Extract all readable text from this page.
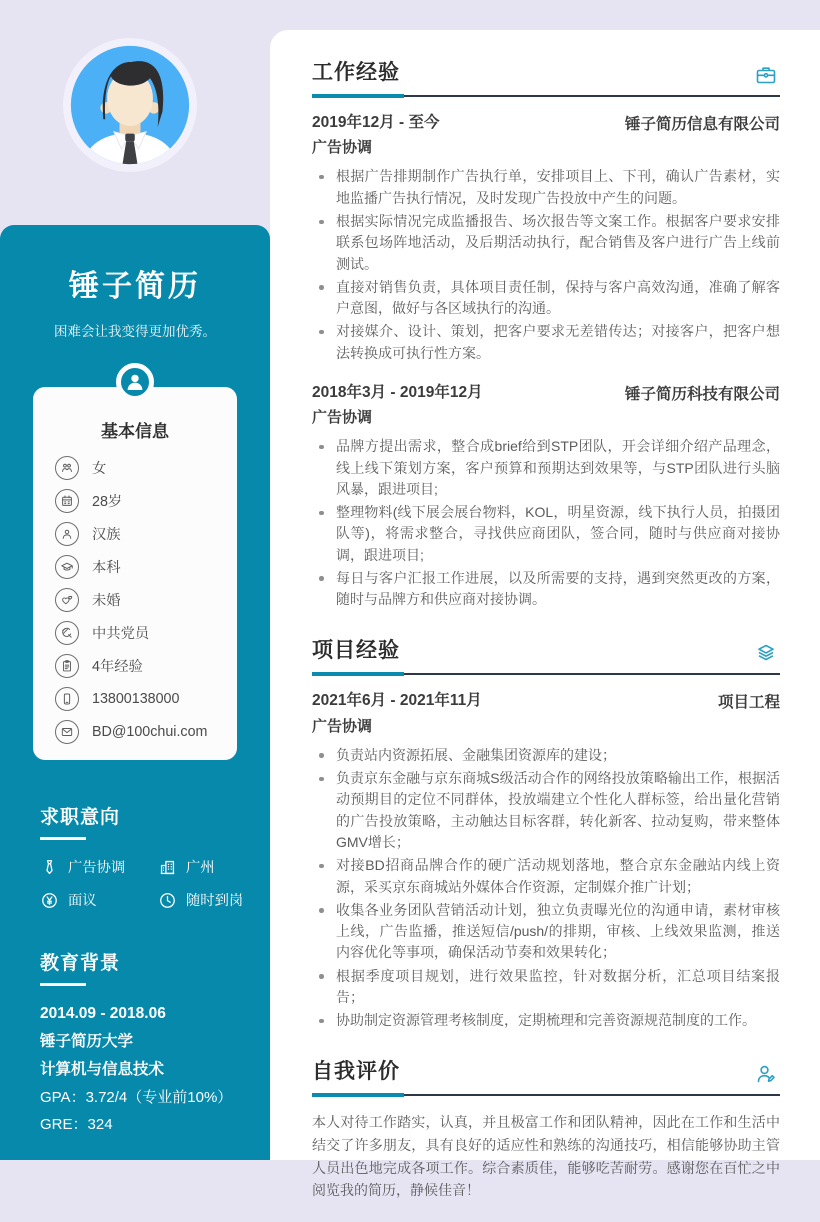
锤子简历

困难会让我变得更加优秀。

基本信息
女
28岁
汉族
本科
未婚
中共党员
4年经验
13800138000
BD@100chui.com
求职意向
广告协调	广州
面议	随时到岗
教育背景

2014.09 - 2018.06

锤子简历大学

计算机与信息技术

GPA：3.72/4（专业前10%）

GRE：324

工作经验
2019年12月 - 至今	锤子简历信息有限公司
广告协调
根据广告排期制作广告执行单，安排项目上、下刊，确认广告素材，实地监播广告执行情况，及时发现广告投放中产生的问题。
根据实际情况完成监播报告、场次报告等文案工作。根据客户要求安排联系包场阵地活动，及后期活动执行，配合销售及客户进行广告上线前测试。
直接对销售负责，具体项目责任制，保持与客户高效沟通，准确了解客户意图，做好与各区域执行的沟通。
对接媒介、设计、策划，把客户要求无差错传达；对接客户，把客户想法转换成可执行性方案。
2018年3月 - 2019年12月	锤子简历科技有限公司
广告协调
品牌方提出需求，整合成brief给到STP团队，开会详细介绍产品理念，线上线下策划方案，客户预算和预期达到效果等，与STP团队进行头脑风暴，跟进项目;
整理物料(线下展会展台物料，KOL，明星资源，线下执行人员，拍摄团队等)，将需求整合，寻找供应商团队，签合同，随时与供应商对接协调，跟进项目;
每日与客户汇报工作进展，以及所需要的支持，遇到突然更改的方案，随时与品牌方和供应商对接协调。
项目经验
2021年6月 - 2021年11月	项目工程
广告协调
负责站内资源拓展、金融集团资源库的建设；
负责京东金融与京东商城S级活动合作的网络投放策略输出工作，根据活动预期目的定位不同群体，投放端建立个性化人群标签，给出量化营销的广告投放策略，主动触达目标客群，转化新客、拉动复购，带来整体GMV增长；
对接BD招商品牌合作的硬广活动规划落地，整合京东金融站内线上资源，采买京东商城站外媒体合作资源，定制媒介推广计划；
收集各业务团队营销活动计划，独立负责曝光位的沟通申请，素材审核上线，广告监播，推送短信/push/的排期，审核、上线效果监测，推送内容优化等事项，确保活动节奏和效果转化；
根据季度项目规划，进行效果监控，针对数据分析，汇总项目结案报告；
协助制定资源管理考核制度，定期梳理和完善资源规范制度的工作。
自我评价

本人对待工作踏实，认真，并且极富工作和团队精神，因此在工作和生活中结交了许多朋友，具有良好的适应性和熟练的沟通技巧，相信能够协助主管人员出色地完成各项工作。综合素质佳，能够吃苦耐劳。感谢您在百忙之中阅览我的简历，静候佳音！
